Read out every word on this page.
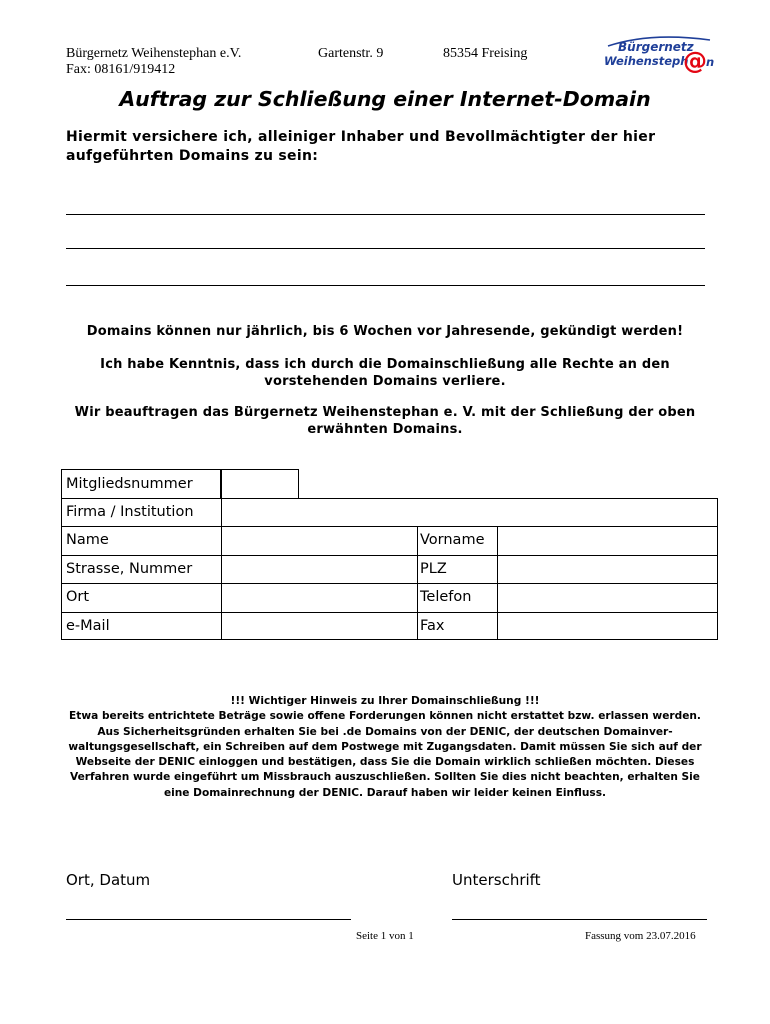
Bürgernetz Weihenstephan e.V.	Gartenstr. 9	85354 Freising
Fax: 08161/919412
Bürgernetz
Weihensteph
@ n
Auftrag zur Schließung einer Internet-Domain
Hiermit versichere ich, alleiniger Inhaber und Bevollmächtigter der hier aufgeführten Domains zu sein:
Domains können nur jährlich, bis 6 Wochen vor Jahresende, gekündigt werden!
Ich habe Kenntnis, dass ich durch die Domainschließung alle Rechte an den vorstehenden Domains verliere.
Wir beauftragen das Bürgernetz Weihenstephan e. V. mit der Schließung der oben erwähnten Domains.
Mitgliedsnummer
Firma / Institution
Name	Vorname
Strasse, Nummer	PLZ
Ort	Telefon
e-Mail	Fax
!!! Wichtiger Hinweis zu Ihrer Domainschließung !!!
Etwa bereits entrichtete Beträge sowie offene Forderungen können nicht erstattet bzw. erlassen werden.
Aus Sicherheitsgründen erhalten Sie bei .de Domains von der DENIC, der deutschen Domainver-waltungsgesellschaft, ein Schreiben auf dem Postwege mit Zugangsdaten. Damit müssen Sie sich auf der Webseite der DENIC einloggen und bestätigen, dass Sie die Domain wirklich schließen möchten. Dieses Verfahren wurde eingeführt um Missbrauch auszuschließen. Sollten Sie dies nicht beachten, erhalten Sie eine Domainrechnung der DENIC. Darauf haben wir leider keinen Einfluss.
Ort, Datum	Unterschrift
Seite 1 von 1	Fassung vom 23.07.2016
